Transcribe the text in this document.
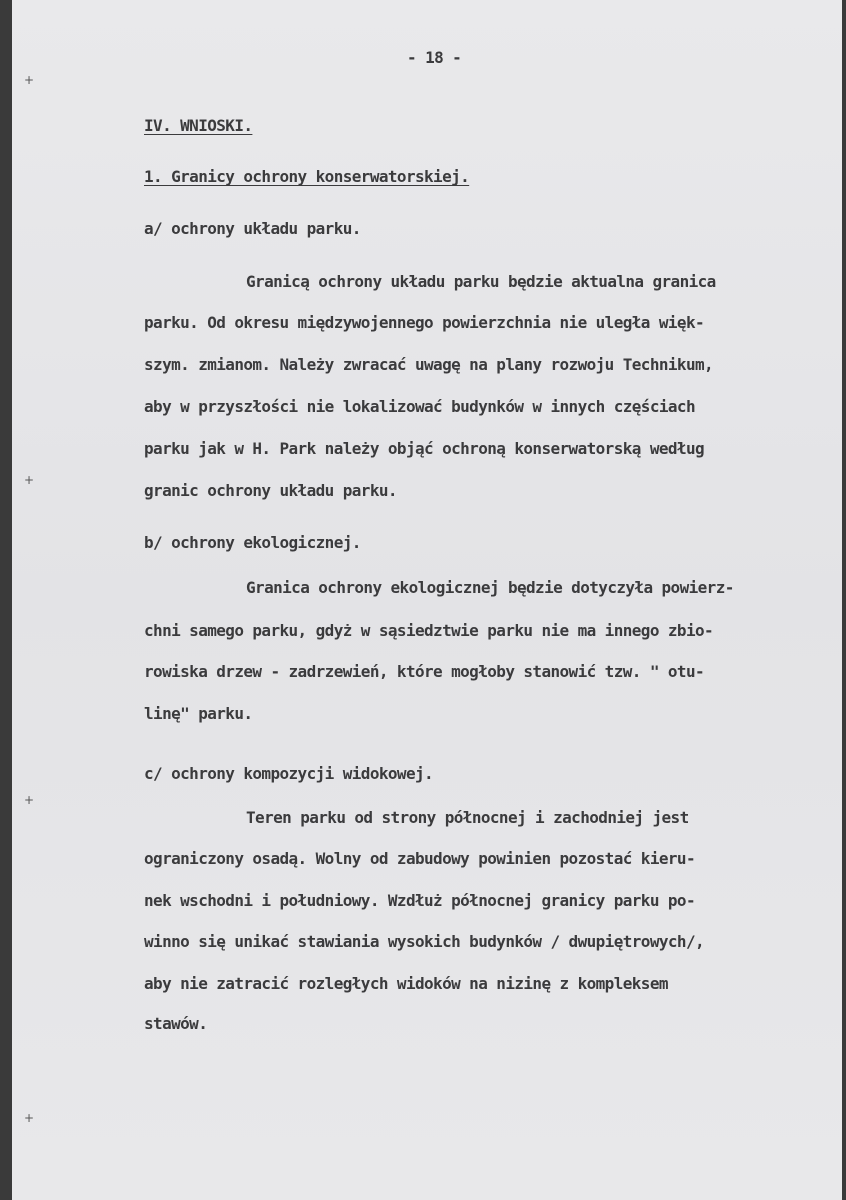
+
+
+
+
- 18 -
IV. WNIOSKI.
1. Granicy ochrony konserwatorskiej.
a/ ochrony układu parku.
Granicą ochrony układu parku będzie aktualna granica
parku. Od okresu międzywojennego powierzchnia nie uległa więk-
szym. zmianom. Należy zwracać uwagę na plany rozwoju Technikum,
aby w przyszłości nie lokalizować budynków w innych częściach
parku jak w H. Park należy objąć ochroną konserwatorską według
granic ochrony układu parku.
b/ ochrony ekologicznej.
Granica ochrony ekologicznej będzie dotyczyła powierz-
chni samego parku, gdyż w sąsiedztwie parku nie ma innego zbio-
rowiska drzew - zadrzewień, które mogłoby stanowić tzw. " otu-
linę" parku.
c/ ochrony kompozycji widokowej.
Teren parku od strony północnej i zachodniej jest
ograniczony osadą. Wolny od zabudowy powinien pozostać kieru-
nek wschodni i południowy. Wzdłuż północnej granicy parku po-
winno się unikać stawiania wysokich budynków / dwupiętrowych/,
aby nie zatracić rozległych widoków na nizinę z kompleksem
stawów.
